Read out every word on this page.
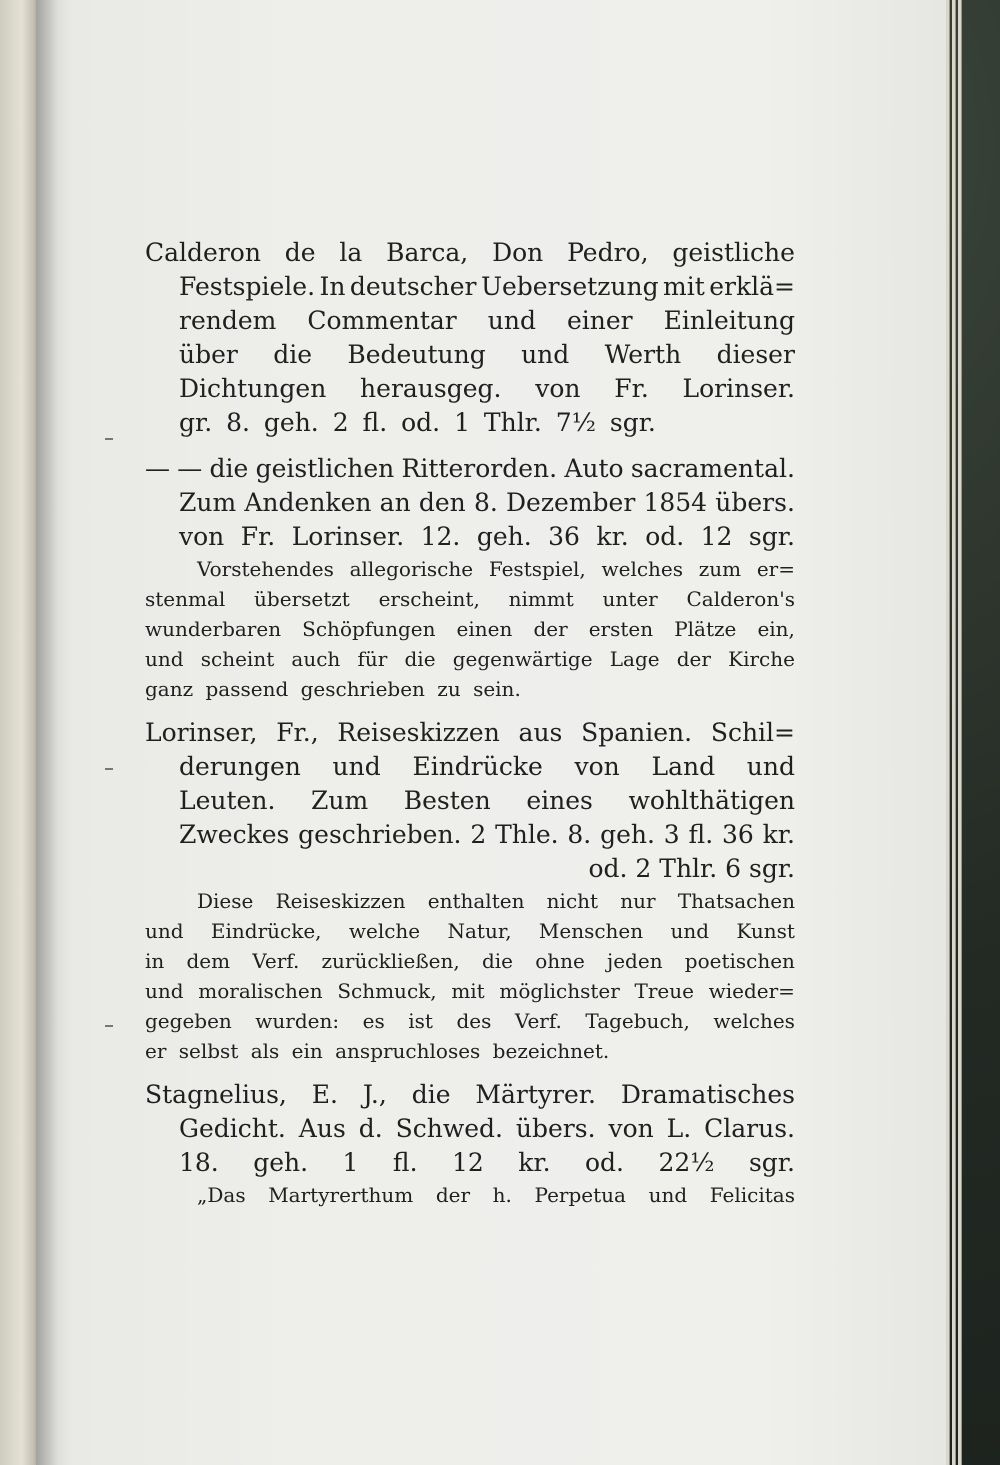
Calderon de la Barca, Don Pedro, geistliche
Festspiele. In deutscher Uebersetzung mit erklä=
rendem Commentar und einer Einleitung
über die Bedeutung und Werth dieser
Dichtungen herausgeg. von Fr. Lorinser.
gr. 8. geh. 2 fl. od. 1 Thlr. 7½ sgr.
— — die geistlichen Ritterorden. Auto sacramental.
Zum Andenken an den 8. Dezember 1854 übers.
von Fr. Lorinser. 12. geh. 36 kr. od. 12 sgr.
Vorstehendes allegorische Festspiel, welches zum er=
stenmal übersetzt erscheint, nimmt unter Calderon's
wunderbaren Schöpfungen einen der ersten Plätze ein,
und scheint auch für die gegenwärtige Lage der Kirche
ganz passend geschrieben zu sein.
Lorinser, Fr., Reiseskizzen aus Spanien. Schil=
derungen und Eindrücke von Land und
Leuten. Zum Besten eines wohlthätigen
Zweckes geschrieben. 2 Thle. 8. geh. 3 fl. 36 kr.
od. 2 Thlr. 6 sgr.
Diese Reiseskizzen enthalten nicht nur Thatsachen
und Eindrücke, welche Natur, Menschen und Kunst
in dem Verf. zurückließen, die ohne jeden poetischen
und moralischen Schmuck, mit möglichster Treue wieder=
gegeben wurden: es ist des Verf. Tagebuch, welches
er selbst als ein anspruchloses bezeichnet.
Stagnelius, E. J., die Märtyrer. Dramatisches
Gedicht. Aus d. Schwed. übers. von L. Clarus.
18. geh. 1 fl. 12 kr. od. 22½ sgr.
„Das Martyrerthum der h. Perpetua und Felicitas
